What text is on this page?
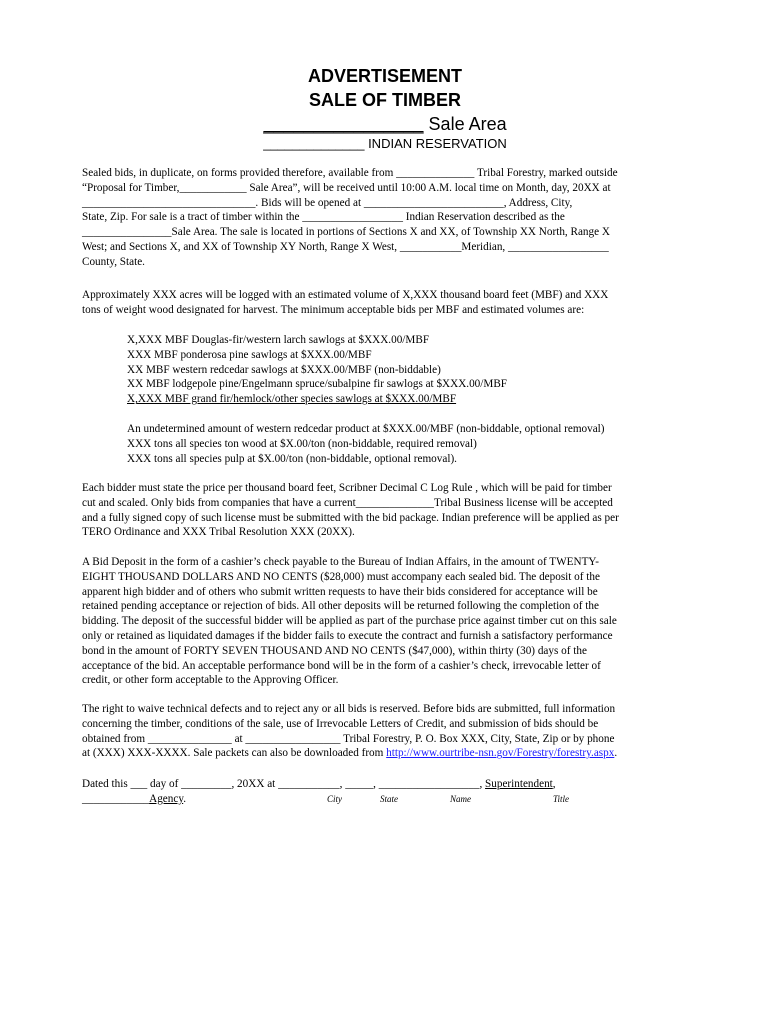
ADVERTISEMENT
SALE OF TIMBER
________________ Sale Area
______________ INDIAN RESERVATION

Sealed bids, in duplicate, on forms provided therefore, available from ______________ Tribal Forestry, marked outside

“Proposal for Timber,____________ Sale Area”, will be received until 10:00 A.M. local time on Month, day, 20XX at

_______________________________. Bids will be opened at _________________________, Address, City,

State, Zip. For sale is a tract of timber within the __________________ Indian Reservation described as the

________________Sale Area. The sale is located in portions of Sections X and XX, of Township XX North, Range X

West; and Sections X, and XX of Township XY North, Range X West, ___________Meridian, __________________

County, State.

Approximately XXX acres will be logged with an estimated volume of X,XXX thousand board feet (MBF) and XXX

tons of weight wood designated for harvest. The minimum acceptable bids per MBF and estimated volumes are:

X,XXX MBF Douglas-fir/western larch sawlogs at $XXX.00/MBF

XXX MBF ponderosa pine sawlogs at $XXX.00/MBF

XX MBF western redcedar sawlogs at $XXX.00/MBF (non-biddable)

XX MBF lodgepole pine/Engelmann spruce/subalpine fir sawlogs at $XXX.00/MBF

X,XXX MBF grand fir/hemlock/other species sawlogs at $XXX.00/MBF

An undetermined amount of western redcedar product at $XXX.00/MBF (non-biddable, optional removal)

XXX tons all species ton wood at $X.00/ton (non-biddable, required removal)

XXX tons all species pulp at $X.00/ton (non-biddable, optional removal).

Each bidder must state the price per thousand board feet, Scribner Decimal C Log Rule , which will be paid for timber

cut and scaled. Only bids from companies that have a current______________Tribal Business license will be accepted

and a fully signed copy of such license must be submitted with the bid package. Indian preference will be applied as per

TERO Ordinance and XXX Tribal Resolution XXX (20XX).

A Bid Deposit in the form of a cashier’s check payable to the Bureau of Indian Affairs, in the amount of TWENTY-

EIGHT THOUSAND DOLLARS AND NO CENTS ($28,000) must accompany each sealed bid. The deposit of the

apparent high bidder and of others who submit written requests to have their bids considered for acceptance will be

retained pending acceptance or rejection of bids. All other deposits will be returned following the completion of the

bidding. The deposit of the successful bidder will be applied as part of the purchase price against timber cut on this sale

only or retained as liquidated damages if the bidder fails to execute the contract and furnish a satisfactory performance

bond in the amount of FORTY SEVEN THOUSAND AND NO CENTS ($47,000), within thirty (30) days of the

acceptance of the bid. An acceptable performance bond will be in the form of a cashier’s check, irrevocable letter of

credit, or other form acceptable to the Approving Officer.

The right to waive technical defects and to reject any or all bids is reserved. Before bids are submitted, full information

concerning the timber, conditions of the sale, use of Irrevocable Letters of Credit, and submission of bids should be

obtained from _______________ at _________________ Tribal Forestry, P. O. Box XXX, City, State, Zip or by phone

at (XXX) XXX-XXXX. Sale packets can also be downloaded from http://www.ourtribe-nsn.gov/Forestry/forestry.aspx.

Dated this ___ day of _________, 20XX at ___________, _____, __________________, Superintendent,

____________Agency.	City	State	Name	Title
